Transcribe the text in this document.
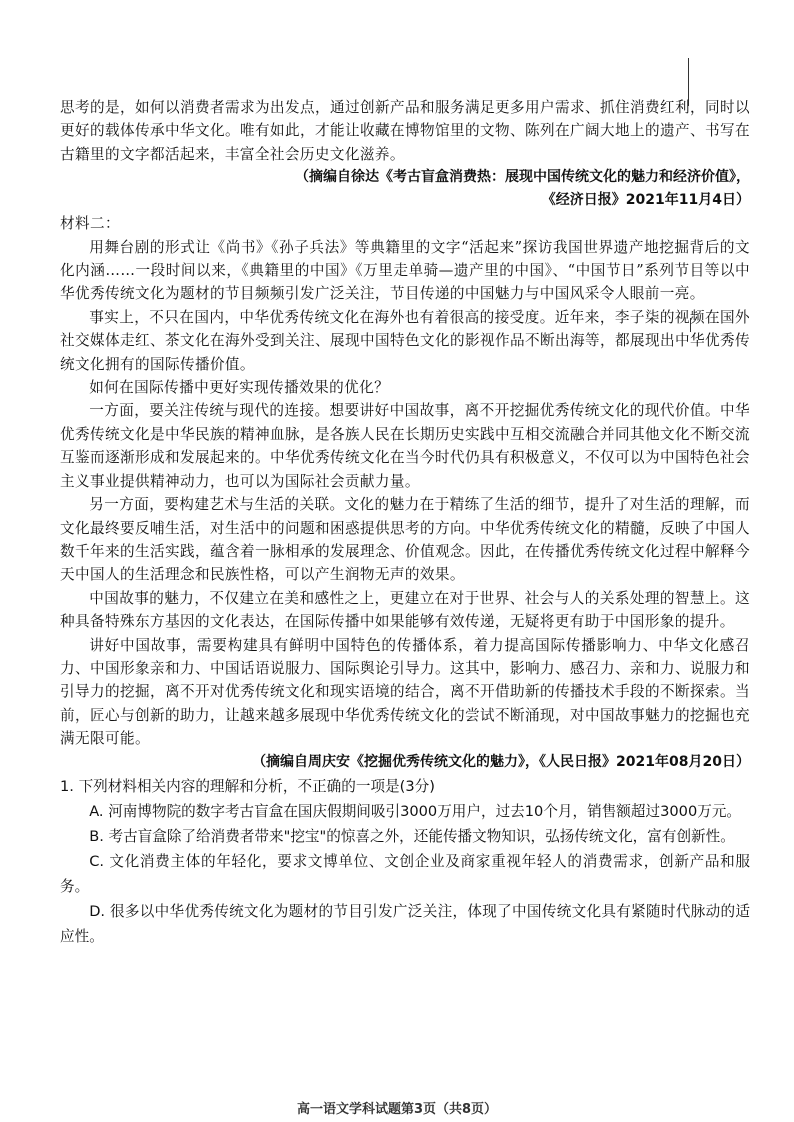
思考的是，如何以消费者需求为出发点，通过创新产品和服务满足更多用户需求、抓住消费红利，同时以更好的载体传承中华文化。唯有如此，才能让收藏在博物馆里的文物、陈列在广阔大地上的遗产、书写在古籍里的文字都活起来，丰富全社会历史文化滋养。

（摘编自徐达《考古盲盒消费热：展现中国传统文化的魅力和经济价值》，

《经济日报》2021年11月4日）

材料二：

用舞台剧的形式让《尚书》《孙子兵法》等典籍里的文字“活起来”探访我国世界遗产地挖掘背后的文化内涵……一段时间以来，《典籍里的中国》《万里走单骑—遗产里的中国》、“中国节日”系列节目等以中华优秀传统文化为题材的节目频频引发广泛关注，节目传递的中国魅力与中国风采令人眼前一亮。

事实上，不只在国内，中华优秀传统文化在海外也有着很高的接受度。近年来，李子柒的视频在国外社交媒体走红、茶文化在海外受到关注、展现中国特色文化的影视作品不断出海等，都展现出中华优秀传统文化拥有的国际传播价值。

如何在国际传播中更好实现传播效果的优化？

一方面，要关注传统与现代的连接。想要讲好中国故事，离不开挖掘优秀传统文化的现代价值。中华优秀传统文化是中华民族的精神血脉，是各族人民在长期历史实践中互相交流融合并同其他文化不断交流互鉴而逐渐形成和发展起来的。中华优秀传统文化在当今时代仍具有积极意义，不仅可以为中国特色社会主义事业提供精神动力，也可以为国际社会贡献力量。

另一方面，要构建艺术与生活的关联。文化的魅力在于精练了生活的细节，提升了对生活的理解，而文化最终要反哺生活，对生活中的问题和困惑提供思考的方向。中华优秀传统文化的精髓，反映了中国人数千年来的生活实践，蕴含着一脉相承的发展理念、价值观念。因此，在传播优秀传统文化过程中解释今天中国人的生活理念和民族性格，可以产生润物无声的效果。

中国故事的魅力，不仅建立在美和感性之上，更建立在对于世界、社会与人的关系处理的智慧上。这种具备特殊东方基因的文化表达，在国际传播中如果能够有效传递，无疑将更有助于中国形象的提升。

讲好中国故事，需要构建具有鲜明中国特色的传播体系，着力提高国际传播影响力、中华文化感召力、中国形象亲和力、中国话语说服力、国际舆论引导力。这其中，影响力、感召力、亲和力、说服力和引导力的挖掘，离不开对优秀传统文化和现实语境的结合，离不开借助新的传播技术手段的不断探索。当前，匠心与创新的助力，让越来越多展现中华优秀传统文化的尝试不断涌现，对中国故事魅力的挖掘也充满无限可能。

（摘编自周庆安《挖掘优秀传统文化的魅力》，《人民日报》2021年08月20日）

1. 下列材料相关内容的理解和分析，不正确的一项是(3分)

A. 河南博物院的数字考古盲盒在国庆假期间吸引3000万用户，过去10个月，销售额超过3000万元。

B. 考古盲盒除了给消费者带来"挖宝"的惊喜之外，还能传播文物知识，弘扬传统文化，富有创新性。

C. 文化消费主体的年轻化，要求文博单位、文创企业及商家重视年轻人的消费需求，创新产品和服务。

D. 很多以中华优秀传统文化为题材的节目引发广泛关注，体现了中国传统文化具有紧随时代脉动的适应性。

高一语文学科试题第3页（共8页）
